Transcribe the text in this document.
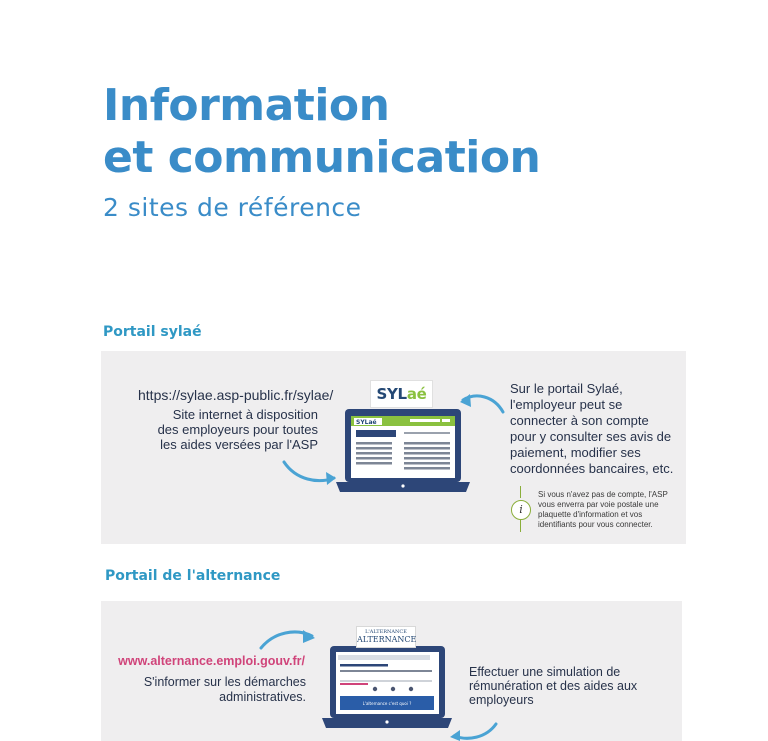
Information
et communication
2 sites de référence
Portail sylaé
Portail de l'alternance
SYLaé
L'alternance c'est quoi ?
SYLaé
L'ALTERNANCE
ALTERNANCE
https://sylae.asp-public.fr/sylae/
Site internet à disposition des employeurs pour toutes les aides versées par l'ASP
Sur le portail Sylaé, l'employeur peut se connecter à son compte pour y consulter ses avis de paiement, modifier ses coordonnées bancaires, etc.
i
Si vous n'avez pas de compte, l'ASP vous enverra par voie postale une plaquette d'information et vos identifiants pour vous connecter.
www.alternance.emploi.gouv.fr/
S'informer sur les démarches administratives.
Effectuer une simulation de rémunération et des aides aux employeurs
